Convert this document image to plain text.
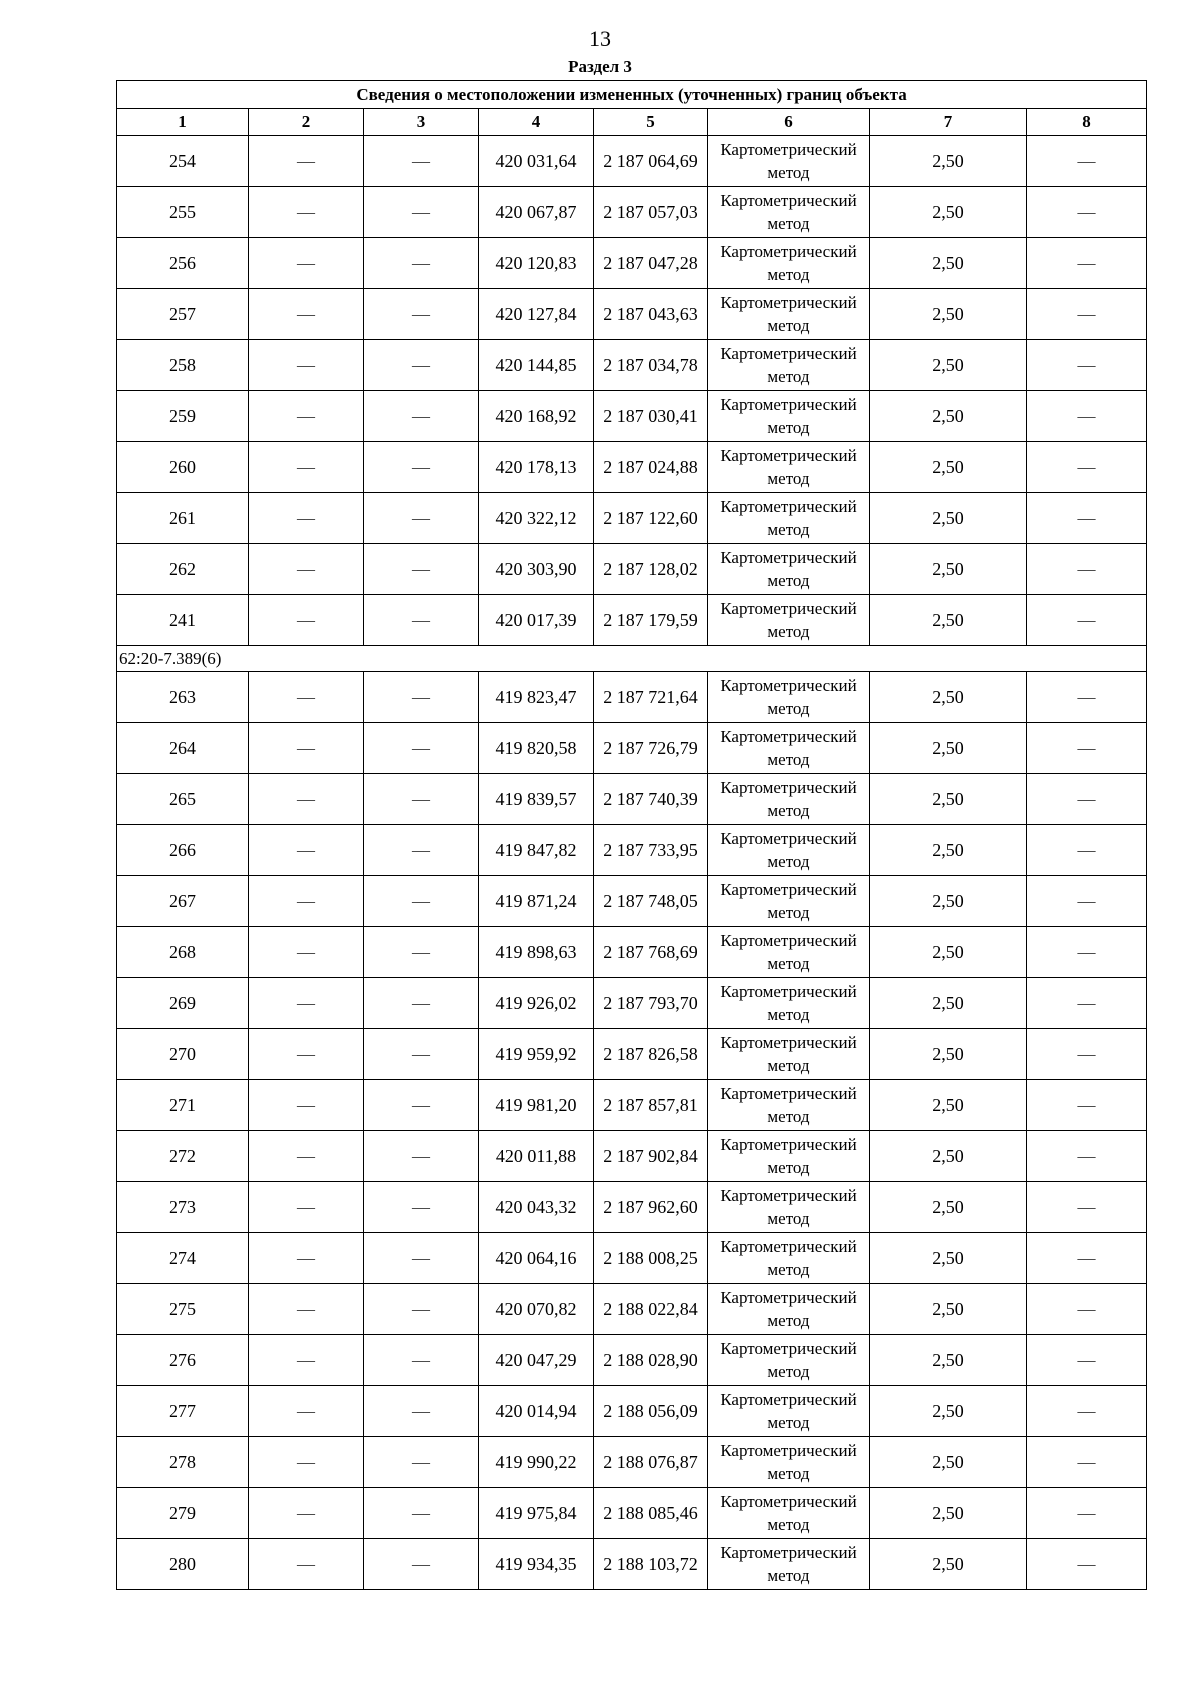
13
Раздел 3
Сведения о местоположении измененных (уточненных) границ объекта							
1	2	3	4	5	6	7	8
254	—	—	420 031,64	2 187 064,69	Картометрический метод	2,50	—
255	—	—	420 067,87	2 187 057,03	Картометрический метод	2,50	—
256	—	—	420 120,83	2 187 047,28	Картометрический метод	2,50	—
257	—	—	420 127,84	2 187 043,63	Картометрический метод	2,50	—
258	—	—	420 144,85	2 187 034,78	Картометрический метод	2,50	—
259	—	—	420 168,92	2 187 030,41	Картометрический метод	2,50	—
260	—	—	420 178,13	2 187 024,88	Картометрический метод	2,50	—
261	—	—	420 322,12	2 187 122,60	Картометрический метод	2,50	—
262	—	—	420 303,90	2 187 128,02	Картометрический метод	2,50	—
241	—	—	420 017,39	2 187 179,59	Картометрический метод	2,50	—
62:20-7.389(6)							
263	—	—	419 823,47	2 187 721,64	Картометрический метод	2,50	—
264	—	—	419 820,58	2 187 726,79	Картометрический метод	2,50	—
265	—	—	419 839,57	2 187 740,39	Картометрический метод	2,50	—
266	—	—	419 847,82	2 187 733,95	Картометрический метод	2,50	—
267	—	—	419 871,24	2 187 748,05	Картометрический метод	2,50	—
268	—	—	419 898,63	2 187 768,69	Картометрический метод	2,50	—
269	—	—	419 926,02	2 187 793,70	Картометрический метод	2,50	—
270	—	—	419 959,92	2 187 826,58	Картометрический метод	2,50	—
271	—	—	419 981,20	2 187 857,81	Картометрический метод	2,50	—
272	—	—	420 011,88	2 187 902,84	Картометрический метод	2,50	—
273	—	—	420 043,32	2 187 962,60	Картометрический метод	2,50	—
274	—	—	420 064,16	2 188 008,25	Картометрический метод	2,50	—
275	—	—	420 070,82	2 188 022,84	Картометрический метод	2,50	—
276	—	—	420 047,29	2 188 028,90	Картометрический метод	2,50	—
277	—	—	420 014,94	2 188 056,09	Картометрический метод	2,50	—
278	—	—	419 990,22	2 188 076,87	Картометрический метод	2,50	—
279	—	—	419 975,84	2 188 085,46	Картометрический метод	2,50	—
280	—	—	419 934,35	2 188 103,72	Картометрический метод	2,50	—
